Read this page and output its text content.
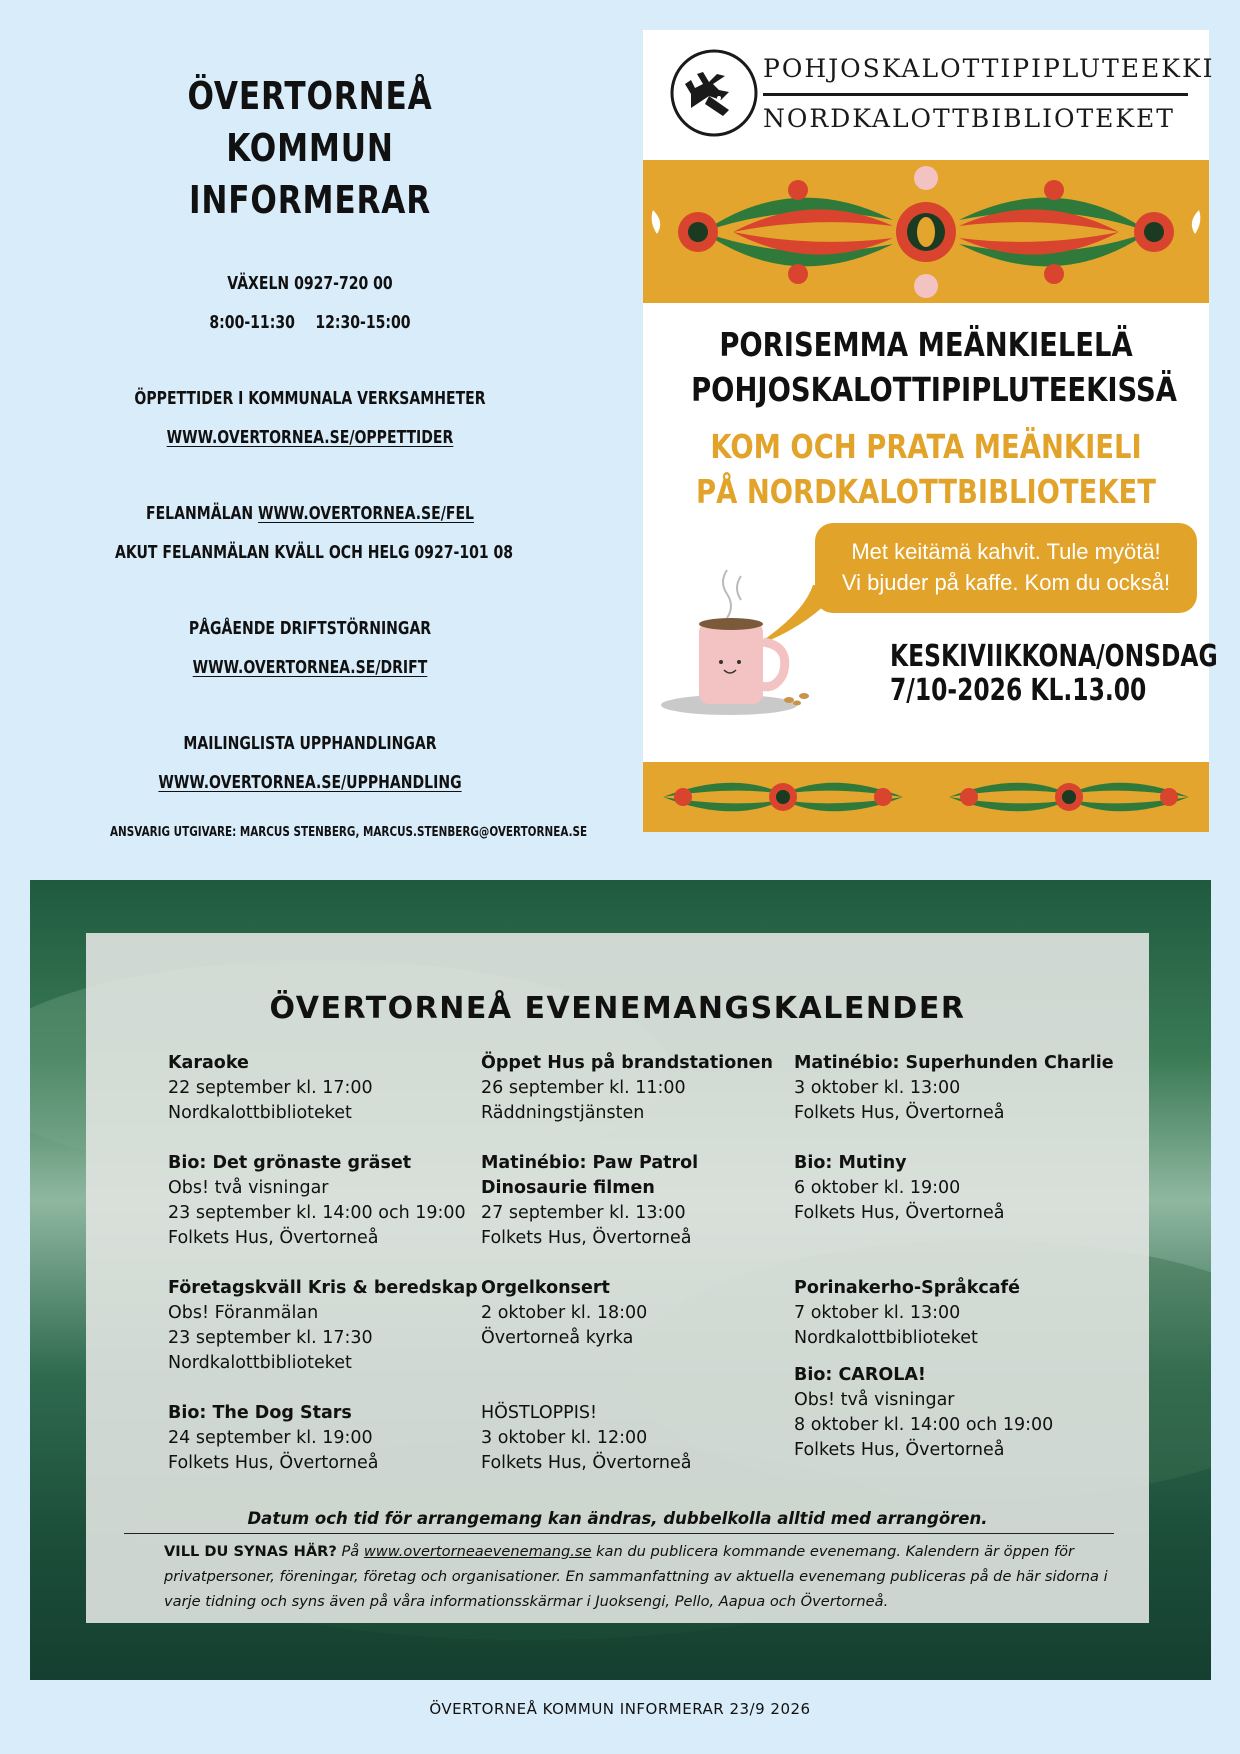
ÖVERTORNEÅ KOMMUN
INFORMERAR
VÄXELN 0927-720 00
8:00-11:30 12:30-15:00
ÖPPETTIDER I KOMMUNALA VERKSAMHETER
WWW.OVERTORNEA.SE/OPPETTIDER
FELANMÄLAN WWW.OVERTORNEA.SE/FEL
AKUT FELANMÄLAN KVÄLL OCH HELG 0927-101 08
PÅGÅENDE DRIFTSTÖRNINGAR
WWW.OVERTORNEA.SE/DRIFT
MAILINGLISTA UPPHANDLINGAR
WWW.OVERTORNEA.SE/UPPHANDLING
ANSVARIG UTGIVARE: MARCUS STENBERG, MARCUS.STENBERG@OVERTORNEA.SE
POHJOSKALOTTIPIPLUTEEKKI
NORDKALOTTBIBLIOTEKET
PORISEMMA MEÄNKIELELÄ
POHJOSKALOTTIPIPLUTEEKISSÄ
KOM OCH PRATA MEÄNKIELI
PÅ NORDKALOTTBIBLIOTEKET
Met keitämä kahvit. Tule myötä!
Vi bjuder på kaffe. Kom du också!
KESKIVIIKKONA/ONSDAG
7/10-2026 KL.13.00
ÖVERTORNEÅ EVENEMANGSKALENDER
Karaoke
22 september kl. 17:00
Nordkalottbiblioteket
Bio: Det grönaste gräset
Obs! två visningar
23 september kl. 14:00 och 19:00
Folkets Hus, Övertorneå
Företagskväll Kris & beredskap
Obs! Föranmälan
23 september kl. 17:30
Nordkalottbiblioteket
Bio: The Dog Stars
24 september kl. 19:00
Folkets Hus, Övertorneå
Öppet Hus på brandstationen
26 september kl. 11:00
Räddningstjänsten
Matinébio: Paw Patrol
Dinosaurie filmen
27 september kl. 13:00
Folkets Hus, Övertorneå
Orgelkonsert
2 oktober kl. 18:00
Övertorneå kyrka
HÖSTLOPPIS!
3 oktober kl. 12:00
Folkets Hus, Övertorneå
Matinébio: Superhunden Charlie
3 oktober kl. 13:00
Folkets Hus, Övertorneå
Bio: Mutiny
6 oktober kl. 19:00
Folkets Hus, Övertorneå
Porinakerho-Språkcafé
7 oktober kl. 13:00
Nordkalottbiblioteket
Bio: CAROLA!
Obs! två visningar
8 oktober kl. 14:00 och 19:00
Folkets Hus, Övertorneå
Datum och tid för arrangemang kan ändras, dubbelkolla alltid med arrangören.
VILL DU SYNAS HÄR? På www.overtorneaevenemang.se kan du publicera kommande evenemang. Kalendern är öppen för privatpersoner, föreningar, företag och organisationer. En sammanfattning av aktuella evenemang publiceras på de här sidorna i varje tidning och syns även på våra informationsskärmar i Juoksengi, Pello, Aapua och Övertorneå.
ÖVERTORNEÅ KOMMUN INFORMERAR 23/9 2026
